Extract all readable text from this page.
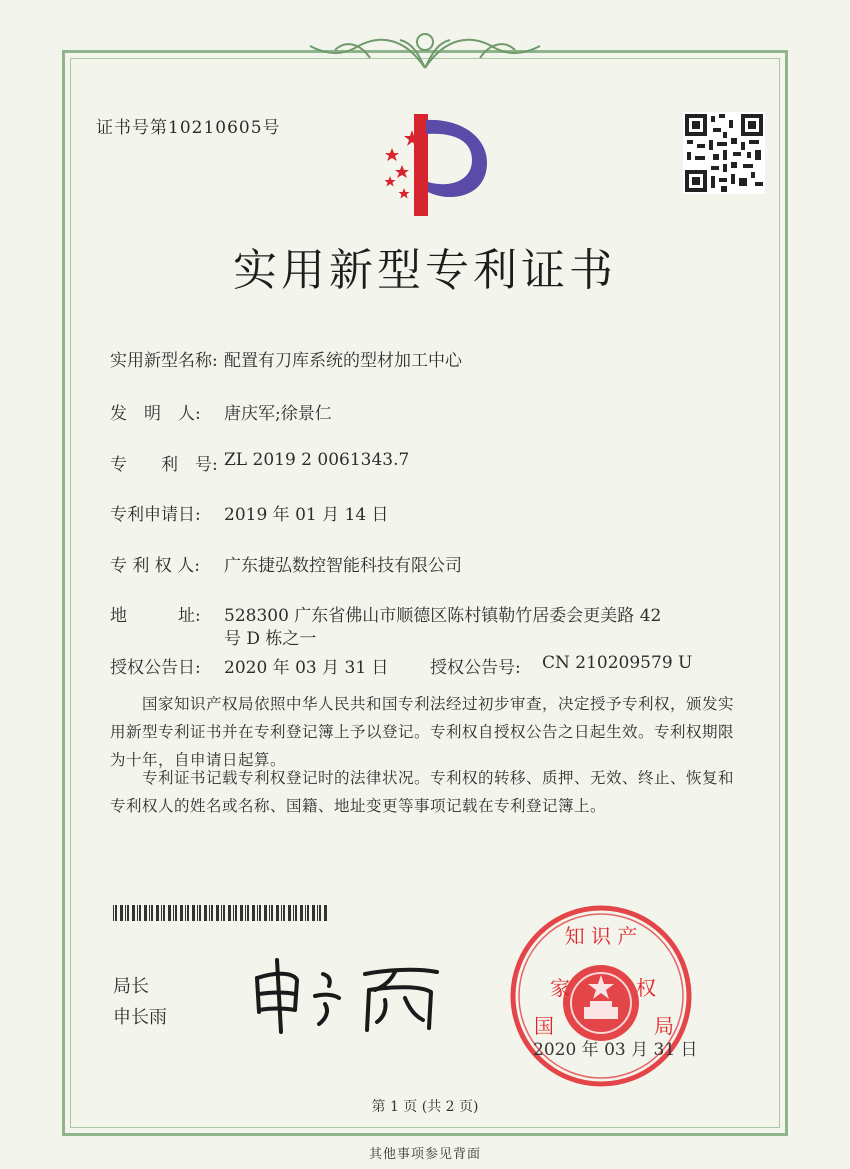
证书号第10210605号
实用新型专利证书
实用新型名称: 配置有刀库系统的型材加工中心
发　明　人: 唐庆军;徐景仁
专　　利　号: ZL 2019 2 0061343.7
专利申请日: 2019 年 01 月 14 日
专 利 权 人: 广东捷弘数控智能科技有限公司
地　　　址: 528300 广东省佛山市顺德区陈村镇勒竹居委会更美路 42
号 D 栋之一
授权公告日: 2020 年 03 月 31 日 授权公告号: CN 210209579 U
国家知识产权局依照中华人民共和国专利法经过初步审查，决定授予专利权，颁发实用新型专利证书并在专利登记簿上予以登记。专利权自授权公告之日起生效。专利权期限为十年，自申请日起算。
专利证书记载专利权登记时的法律状况。专利权的转移、质押、无效、终止、恢复和专利权人的姓名或名称、国籍、地址变更等事项记载在专利登记簿上。
局长
申长雨
知 识 产
家	权
国	局
2020 年 03 月 31 日
第 1 页 (共 2 页)
其他事项参见背面
